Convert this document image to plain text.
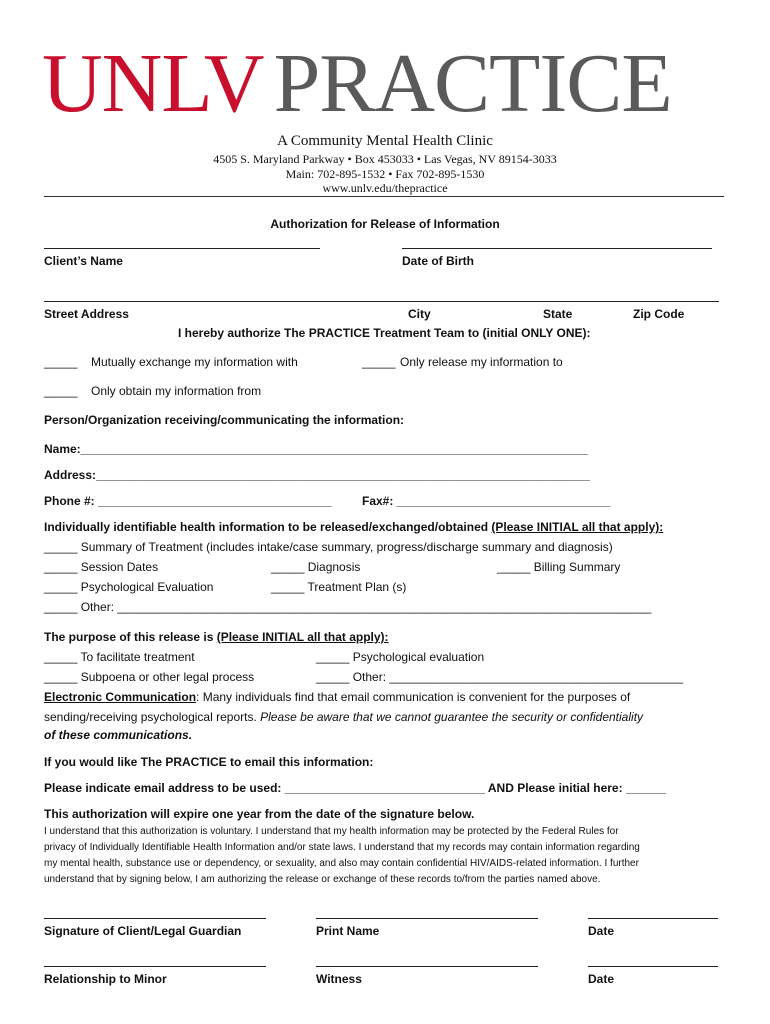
UNLV PRACTICE
A Community Mental Health Clinic
4505 S. Maryland Parkway • Box 453033 • Las Vegas, NV 89154-3033
Main: 702-895-1532 • Fax 702-895-1530
www.unlv.edu/thepractice
Authorization for Release of Information
Client’s Name	Date of Birth
Street Address	City	State	Zip Code
I hereby authorize The PRACTICE Treatment Team to (initial ONLY ONE):
_____ Mutually exchange my information with	_____ Only release my information to
_____ Only obtain my information from
Person/Organization receiving/communicating the information:
Name:____________________________________________________________________________
Address:__________________________________________________________________________
Phone #: ___________________________________	Fax#: ________________________________
Individually identifiable health information to be released/exchanged/obtained (Please INITIAL all that apply):
_____ Summary of Treatment (includes intake/case summary, progress/discharge summary and diagnosis)
_____ Session Dates	_____ Diagnosis	_____ Billing Summary
_____ Psychological Evaluation	_____ Treatment Plan (s)
_____ Other: ________________________________________________________________________________
The purpose of this release is (Please INITIAL all that apply):
_____ To facilitate treatment	_____ Psychological evaluation
_____ Subpoena or other legal process	_____ Other: ____________________________________________
Electronic Communication: Many individuals find that email communication is convenient for the purposes of
sending/receiving psychological reports. Please be aware that we cannot guarantee the security or confidentiality
of these communications.
If you would like The PRACTICE to email this information:
Please indicate email address to be used: ______________________________ AND Please initial here: ______
This authorization will expire one year from the date of the signature below.
I understand that this authorization is voluntary. I understand that my health information may be protected by the Federal Rules for
privacy of Individually Identifiable Health Information and/or state laws. I understand that my records may contain information regarding
my mental health, substance use or dependency, or sexuality, and also may contain confidential HIV/AIDS-related information. I further
understand that by signing below, I am authorizing the release or exchange of these records to/from the parties named above.
Signature of Client/Legal Guardian	Print Name	Date
Relationship to Minor	Witness	Date
